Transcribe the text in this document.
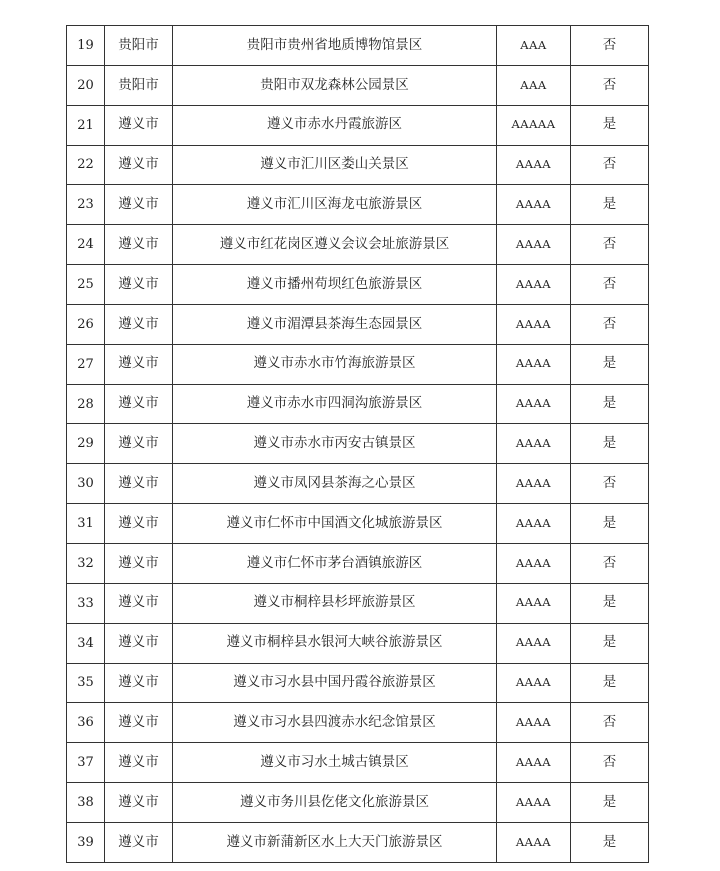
19	贵阳市	贵阳市贵州省地质博物馆景区	AAA	否
20	贵阳市	贵阳市双龙森林公园景区	AAA	否
21	遵义市	遵义市赤水丹霞旅游区	AAAAA	是
22	遵义市	遵义市汇川区娄山关景区	AAAA	否
23	遵义市	遵义市汇川区海龙屯旅游景区	AAAA	是
24	遵义市	遵义市红花岗区遵义会议会址旅游景区	AAAA	否
25	遵义市	遵义市播州苟坝红色旅游景区	AAAA	否
26	遵义市	遵义市湄潭县茶海生态园景区	AAAA	否
27	遵义市	遵义市赤水市竹海旅游景区	AAAA	是
28	遵义市	遵义市赤水市四洞沟旅游景区	AAAA	是
29	遵义市	遵义市赤水市丙安古镇景区	AAAA	是
30	遵义市	遵义市凤冈县茶海之心景区	AAAA	否
31	遵义市	遵义市仁怀市中国酒文化城旅游景区	AAAA	是
32	遵义市	遵义市仁怀市茅台酒镇旅游区	AAAA	否
33	遵义市	遵义市桐梓县杉坪旅游景区	AAAA	是
34	遵义市	遵义市桐梓县水银河大峡谷旅游景区	AAAA	是
35	遵义市	遵义市习水县中国丹霞谷旅游景区	AAAA	是
36	遵义市	遵义市习水县四渡赤水纪念馆景区	AAAA	否
37	遵义市	遵义市习水土城古镇景区	AAAA	否
38	遵义市	遵义市务川县仡佬文化旅游景区	AAAA	是
39	遵义市	遵义市新蒲新区水上大天门旅游景区	AAAA	是
